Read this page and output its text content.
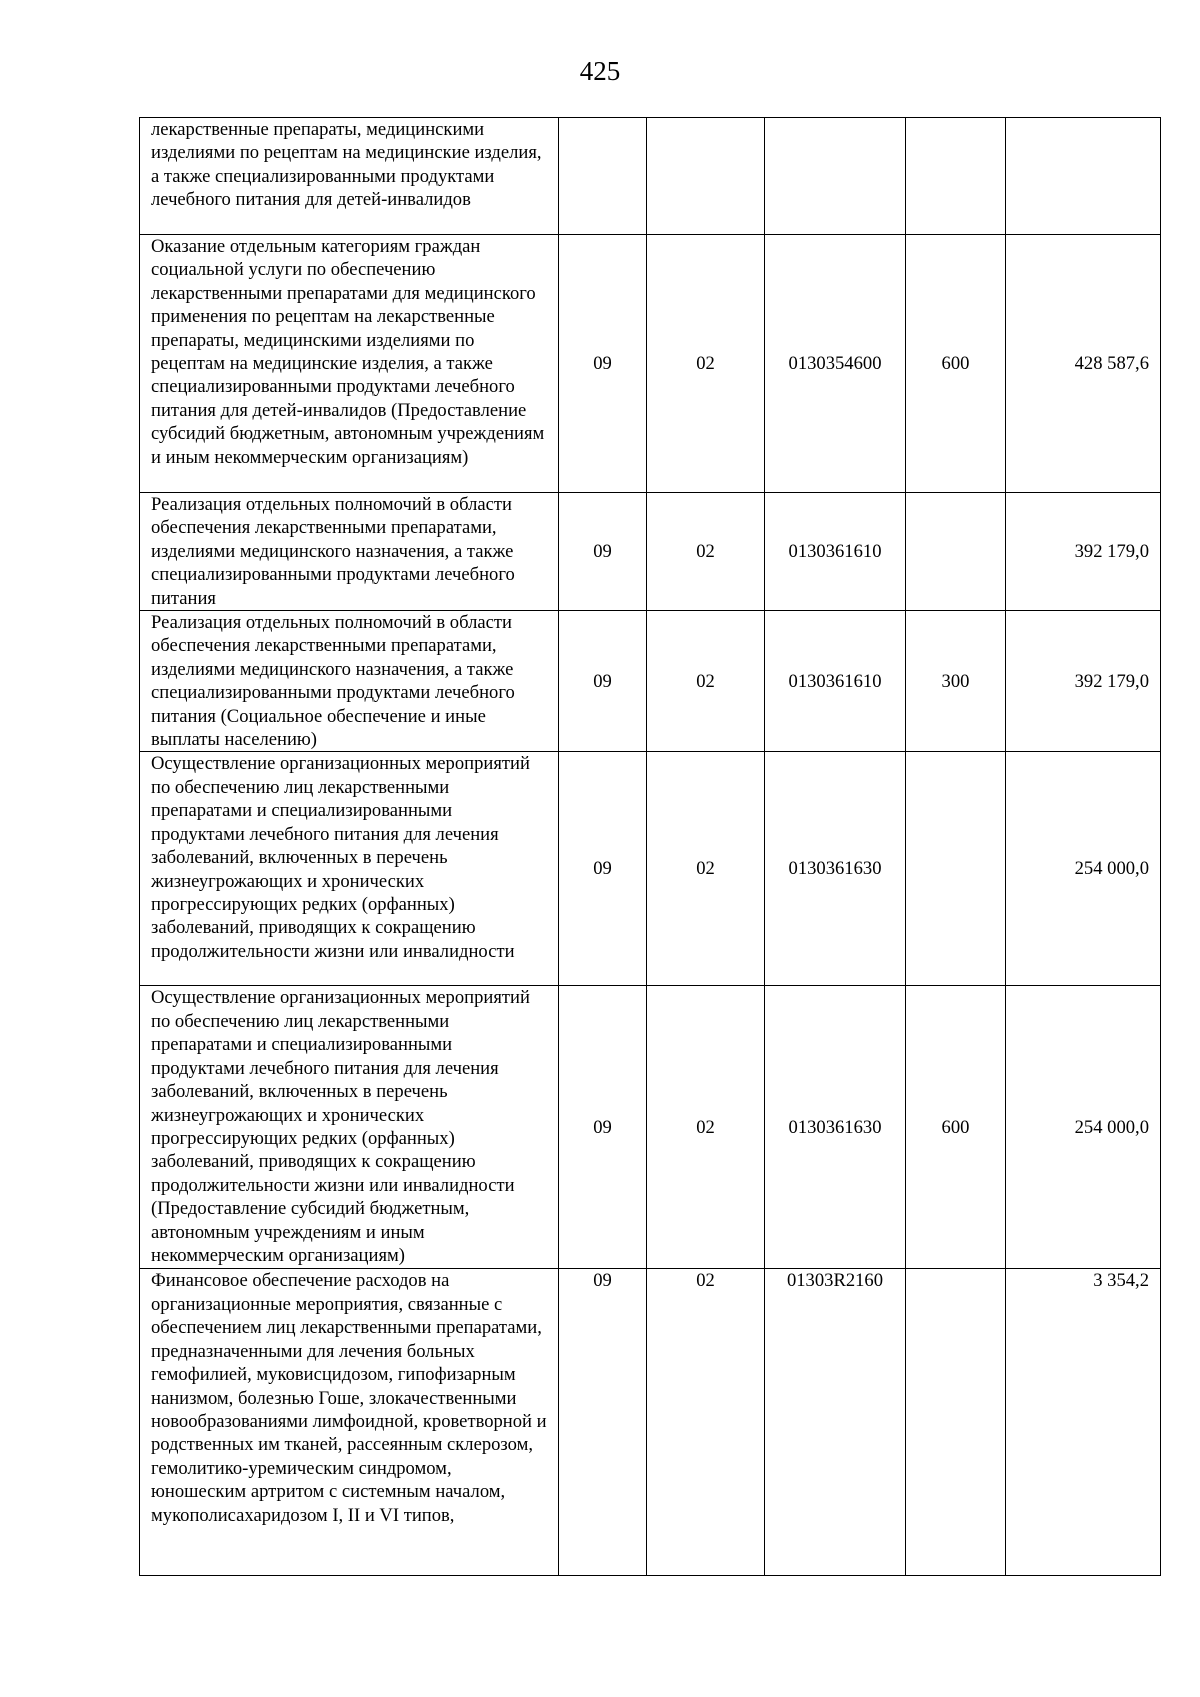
425
лекарственные препараты, медицинскими изделиями по рецептам на медицинские изделия, а также специализированными продуктами лечебного питания для детей-инвалидов					
Оказание отдельным категориям граждан социальной услуги по обеспечению лекарственными препаратами для медицинского применения по рецептам на лекарственные препараты, медицинскими изделиями по рецептам на медицинские изделия, а также специализированными продуктами лечебного питания для детей-инвалидов (Предоставление субсидий бюджетным, автономным учреждениям и иным некоммерческим организациям)	09	02	0130354600	600	428 587,6
Реализация отдельных полномочий в области обеспечения лекарственными препаратами, изделиями медицинского назначения, а также специализированными продуктами лечебного питания	09	02	0130361610		392 179,0
Реализация отдельных полномочий в области обеспечения лекарственными препаратами, изделиями медицинского назначения, а также специализированными продуктами лечебного питания (Социальное обеспечение и иные выплаты населению)	09	02	0130361610	300	392 179,0
Осуществление организационных мероприятий по обеспечению лиц лекарственными препаратами и специализированными продуктами лечебного питания для лечения заболеваний, включенных в перечень жизнеугрожающих и хронических прогрессирующих редких (орфанных) заболеваний, приводящих к сокращению продолжительности жизни или инвалидности	09	02	0130361630		254 000,0
Осуществление организационных мероприятий по обеспечению лиц лекарственными препаратами и специализированными продуктами лечебного питания для лечения заболеваний, включенных в перечень жизнеугрожающих и хронических прогрессирующих редких (орфанных) заболеваний, приводящих к сокращению продолжительности жизни или инвалидности (Предоставление субсидий бюджетным, автономным учреждениям и иным некоммерческим организациям)	09	02	0130361630	600	254 000,0
Финансовое обеспечение расходов на организационные мероприятия, связанные с обеспечением лиц лекарственными препаратами, предназначенными для лечения больных гемофилией, муковисцидозом, гипофизарным нанизмом, болезнью Гоше, злокачественными новообразованиями лимфоидной, кроветворной и родственных им тканей, рассеянным склерозом, гемолитико-уремическим синдромом, юношеским артритом с системным началом, мукополисахаридозом I, II и VI типов,	09	02	01303R2160		3 354,2
